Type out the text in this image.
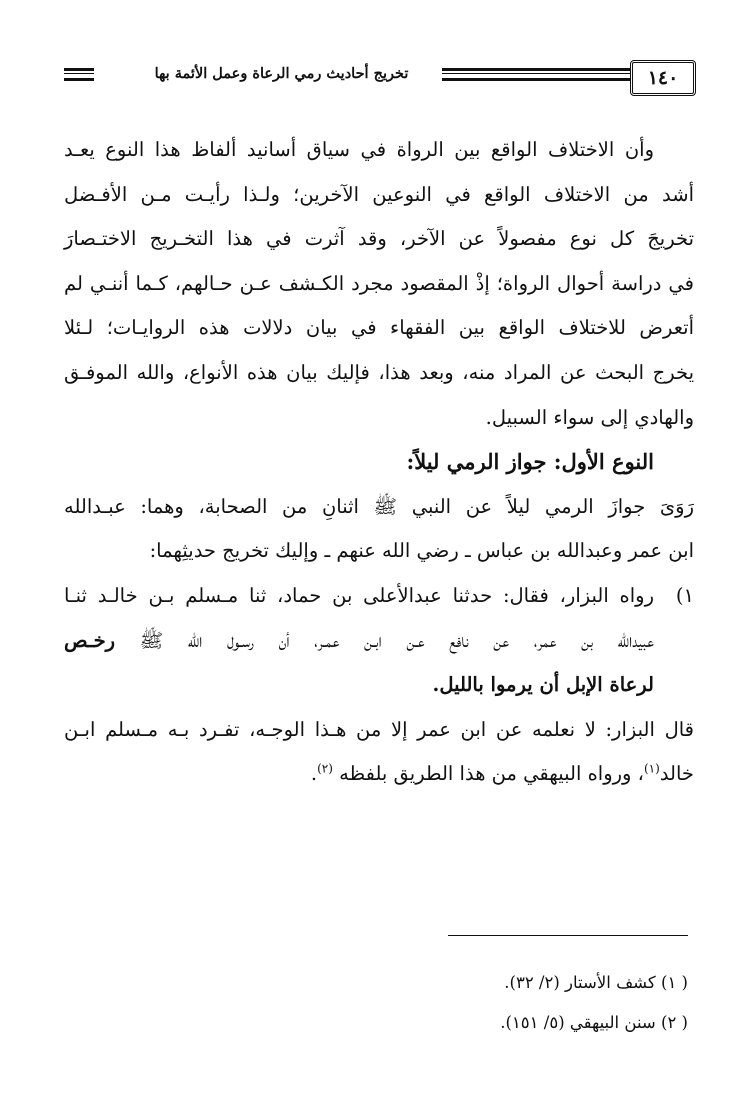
١٤٠
تخريج أحاديث رمي الرعاة وعمل الأئمة بها
وأن الاختلاف الواقع بين الرواة في سياق أسانيد ألفاظ هذا النوع يعـد
أشد من الاختلاف الواقع في النوعين الآخرين؛ ولـذا رأيـت مـن الأفـضل
تخريجَ كل نوع مفصولاً عن الآخر، وقد آثرت في هذا التخـريج الاختـصارَ
في دراسة أحوال الرواة؛ إذْ المقصود مجرد الكـشف عـن حـالهم، كـما أننـي لم
أتعرض للاختلاف الواقع بين الفقهاء في بيان دلالات هذه الروايـات؛ لـئلا
يخرج البحث عن المراد منه، وبعد هذا، فإليك بيان هذه الأنواع، والله الموفـق
والهادي إلى سواء السبيل.
النوع الأول: جواز الرمي ليلاً:
رَوَىَ جوازَ الرمي ليلاً عن النبي ﷺ اثنانِ من الصحابة، وهما: عبـدالله
ابن عمر وعبدالله بن عباس ـ رضي الله عنهم ـ وإليك تخريج حديثِهما:
١)رواه البزار، فقال: حدثنا عبدالأعلى بن حماد، ثنا مـسلم بـن خالـد ثنـا
عبيدالله بن عمر، عن نافع عـن ابـن عمـر، أن رسـول الله ﷺ رخـص
لرعاة الإبل أن يرموا بالليل.
قال البزار: لا نعلمه عن ابن عمر إلا من هـذا الوجـه، تفـرد بـه مـسلم ابـن
خالد$^{(١)}$، ورواه البيهقي من هذا الطريق بلفظه $^{(٢)}$.
( ١) كشف الأستار (٢/ ٣٢).
( ٢) سنن البيهقي (٥/ ١٥١).
